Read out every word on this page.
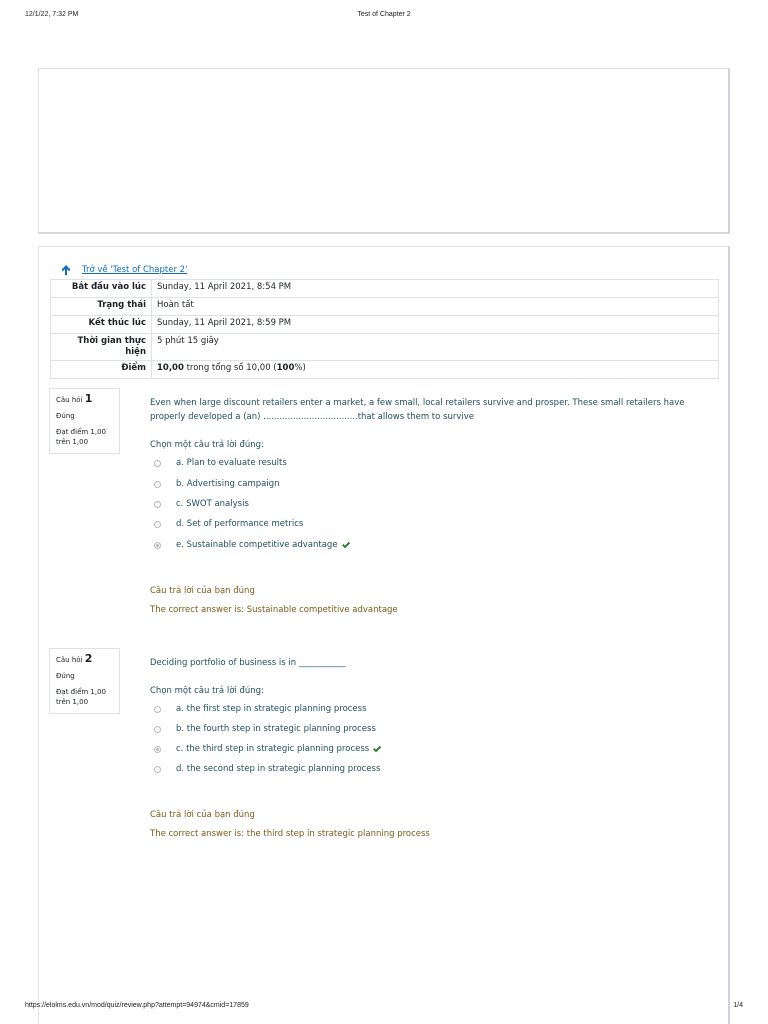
12/1/22, 7:32 PM	Test of Chapter 2
Trở về 'Test of Chapter 2'
Bắt đầu vào lúc	Sunday, 11 April 2021, 8:54 PM
Trạng thái	Hoàn tất
Kết thúc lúc	Sunday, 11 April 2021, 8:59 PM
Thời gian thực hiện	5 phút 15 giây
Điểm	10,00 trong tổng số 10,00 (100%)
Câu hỏi 1
Đúng
Đạt điểm 1,00 trên 1,00
Even when large discount retailers enter a market, a few small, local retailers survive and prosper. These small retailers have properly developed a (an) ...................................that allows them to survive
Chọn một câu trả lời đúng:
a. Plan to evaluate results
b. Advertising campaign
c. SWOT analysis
d. Set of performance metrics
e. Sustainable competitive advantage
Câu trả lời của bạn đúng
The correct answer is: Sustainable competitive advantage
Câu hỏi 2
Đúng
Đạt điểm 1,00 trên 1,00
Deciding portfolio of business is in ___________
Chọn một câu trả lời đúng:
a. the first step in strategic planning process
b. the fourth step in strategic planning process
c. the third step in strategic planning process
d. the second step in strategic planning process
Câu trả lời của bạn đúng
The correct answer is: the third step in strategic planning process
https://elolms.edu.vn/mod/quiz/review.php?attempt=94974&cmid=17859	1/4
